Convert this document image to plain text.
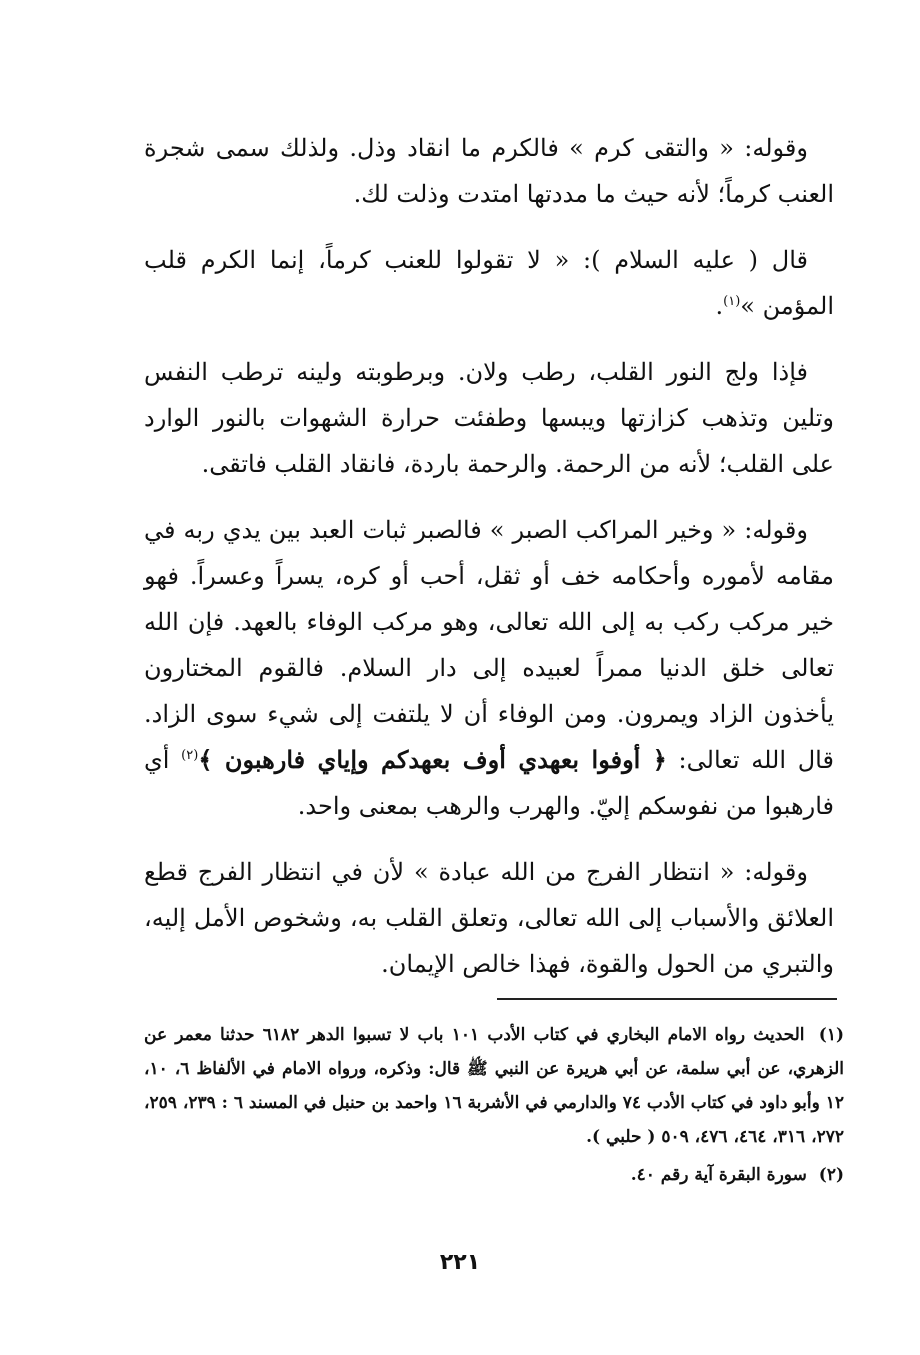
وقوله: « والتقى كرم » فالكرم ما انقاد وذل. ولذلك سمى شجرة العنب كرماً؛ لأنه حيث ما مددتها امتدت وذلت لك.

قال ( عليه السلام ): « لا تقولوا للعنب كرماً، إنما الكرم قلب المؤمن »$^{(١)}$.

فإذا ولج النور القلب، رطب ولان. وبرطوبته ولينه ترطب النفس وتلين وتذهب كزازتها ويبسها وطفئت حرارة الشهوات بالنور الوارد على القلب؛ لأنه من الرحمة. والرحمة باردة، فانقاد القلب فاتقى.

وقوله: « وخير المراكب الصبر » فالصبر ثبات العبد بين يدي ربه في مقامه لأموره وأحكامه خف أو ثقل، أحب أو كره، يسراً وعسراً. فهو خير مركب ركب به إلى الله تعالى، وهو مركب الوفاء بالعهد. فإن الله تعالى خلق الدنيا ممراً لعبيده إلى دار السلام. فالقوم المختارون يأخذون الزاد ويمرون. ومن الوفاء أن لا يلتفت إلى شيء سوى الزاد. قال الله تعالى: ﴿ أوفوا بعهدي أوف بعهدكم وإياي فارهبون ﴾$^{(٢)}$ أي فارهبوا من نفوسكم إليّ. والهرب والرهب بمعنى واحد.

وقوله: « انتظار الفرج من الله عبادة » لأن في انتظار الفرج قطع العلائق والأسباب إلى الله تعالى، وتعلق القلب به، وشخوص الأمل إليه، والتبري من الحول والقوة، فهذا خالص الإيمان.

(١) الحديث رواه الامام البخاري في كتاب الأدب ١٠١ باب لا تسبوا الدهر ٦١٨٢ حدثنا معمر عن الزهري، عن أبي سلمة، عن أبي هريرة عن النبي ﷺ قال: وذكره، ورواه الامام في الألفاظ ٦، ١٠، ١٢ وأبو داود في كتاب الأدب ٧٤ والدارمي في الأشربة ١٦ واحمد بن حنبل في المسند ٦ : ٢٣٩، ٢٥٩، ٢٧٢، ٣١٦، ٤٦٤، ٤٧٦، ٥٠٩ ( حلبي ).
(٢) سورة البقرة آية رقم ٤٠.
٢٢١
